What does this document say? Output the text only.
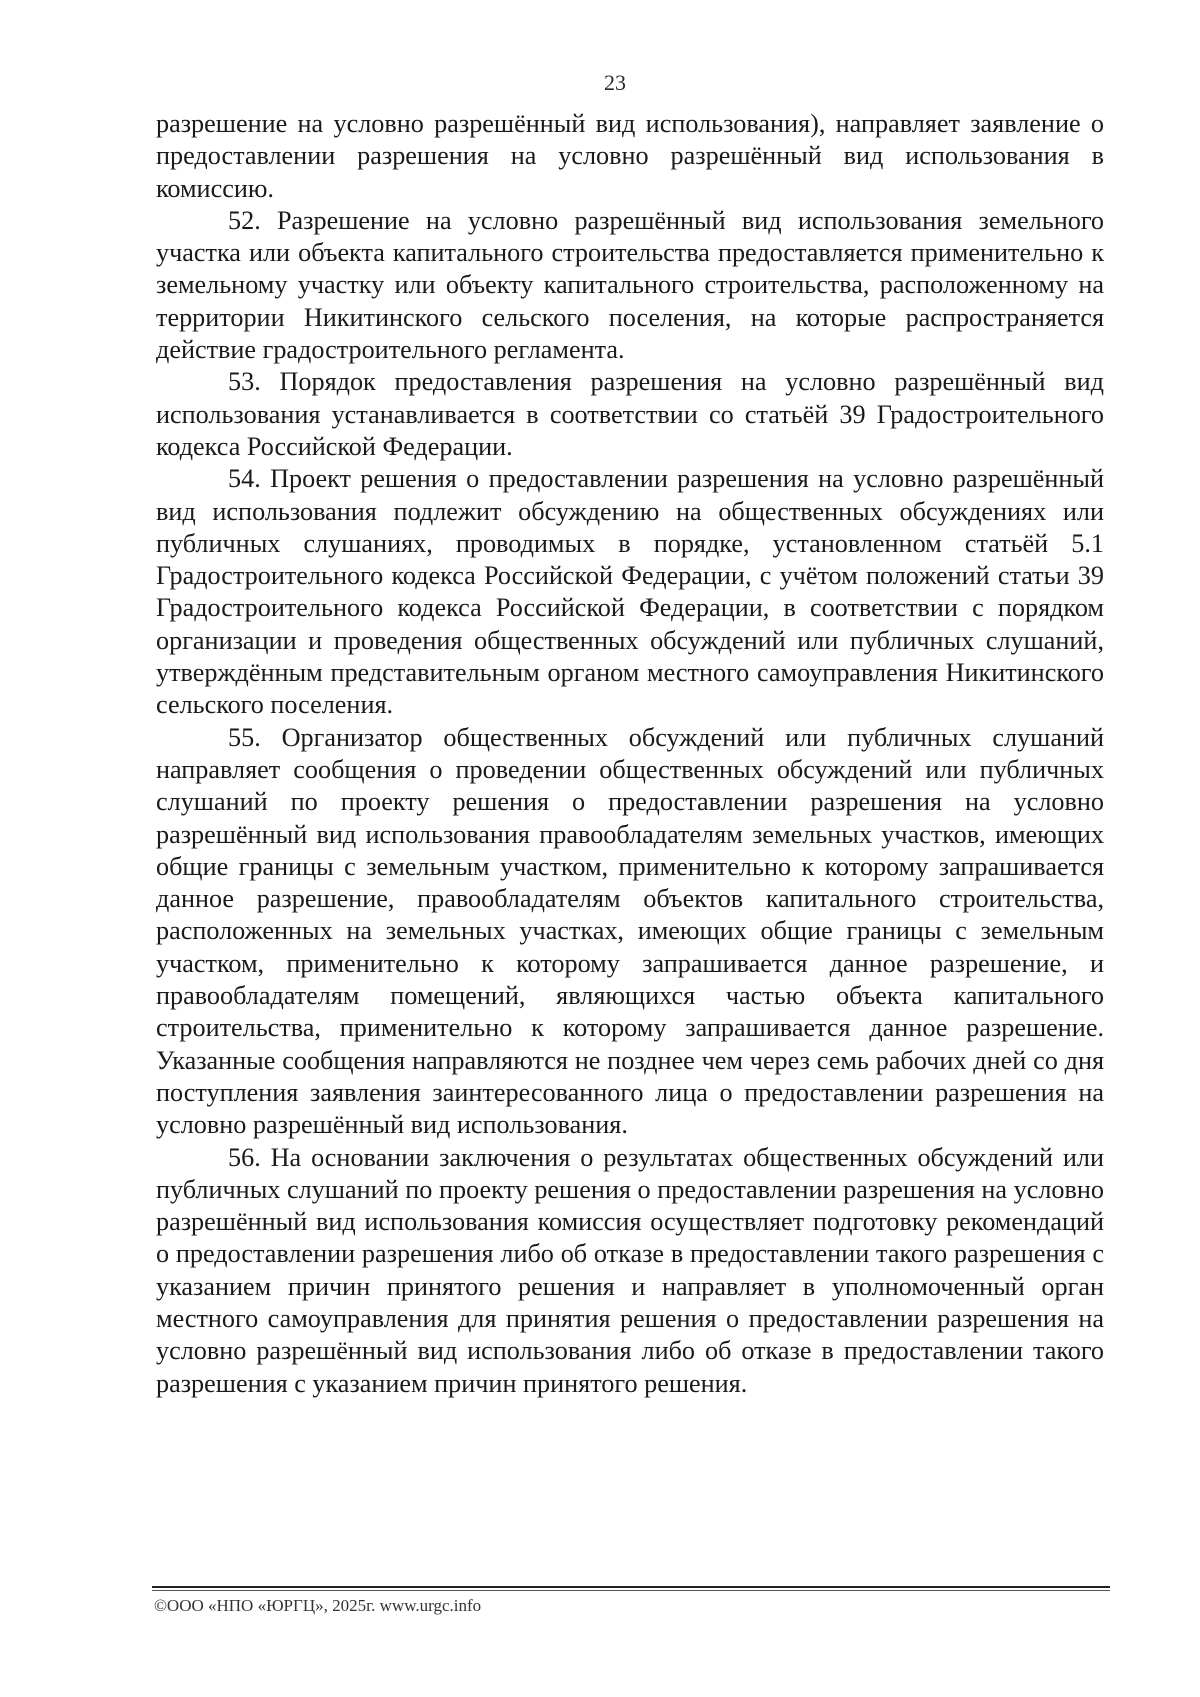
23

разрешение на условно разрешённый вид использования), направляет заявление о предоставлении разрешения на условно разрешённый вид использования в комиссию.

52. Разрешение на условно разрешённый вид использования земельного участка или объекта капитального строительства предоставляется применительно к земельному участку или объекту капитального строительства, расположенному на территории Никитинского сельского поселения, на которые распространяется действие градостроительного регламента.

53. Порядок предоставления разрешения на условно разрешённый вид использования устанавливается в соответствии со статьёй 39 Градостроительного кодекса Российской Федерации.

54. Проект решения о предоставлении разрешения на условно разрешённый вид использования подлежит обсуждению на общественных обсуждениях или публичных слушаниях, проводимых в порядке, установленном статьёй 5.1 Градостроительного кодекса Российской Федерации, с учётом положений статьи 39 Градостроительного кодекса Российской Федерации, в соответствии с порядком организации и проведения общественных обсуждений или публичных слушаний, утверждённым представительным органом местного самоуправления Никитинского сельского поселения.

55. Организатор общественных обсуждений или публичных слушаний направляет сообщения о проведении общественных обсуждений или публичных слушаний по проекту решения о предоставлении разрешения на условно разрешённый вид использования правообладателям земельных участков, имеющих общие границы с земельным участком, применительно к которому запрашивается данное разрешение, правообладателям объектов капитального строительства, расположенных на земельных участках, имеющих общие границы с земельным участком, применительно к которому запрашивается данное разрешение, и правообладателям помещений, являющихся частью объекта капитального строительства, применительно к которому запрашивается данное разрешение. Указанные сообщения направляются не позднее чем через семь рабочих дней со дня поступления заявления заинтересованного лица о предоставлении разрешения на условно разрешённый вид использования.

56. На основании заключения о результатах общественных обсуждений или публичных слушаний по проекту решения о предоставлении разрешения на условно разрешённый вид использования комиссия осуществляет подготовку рекомендаций о предоставлении разрешения либо об отказе в предоставлении такого разрешения с указанием причин принятого решения и направляет в уполномоченный орган местного самоуправления для принятия решения о предоставлении разрешения на условно разрешённый вид использования либо об отказе в предоставлении такого разрешения с указанием причин принятого решения.

©ООО «НПО «ЮРГЦ», 2025г. www.urgc.info
